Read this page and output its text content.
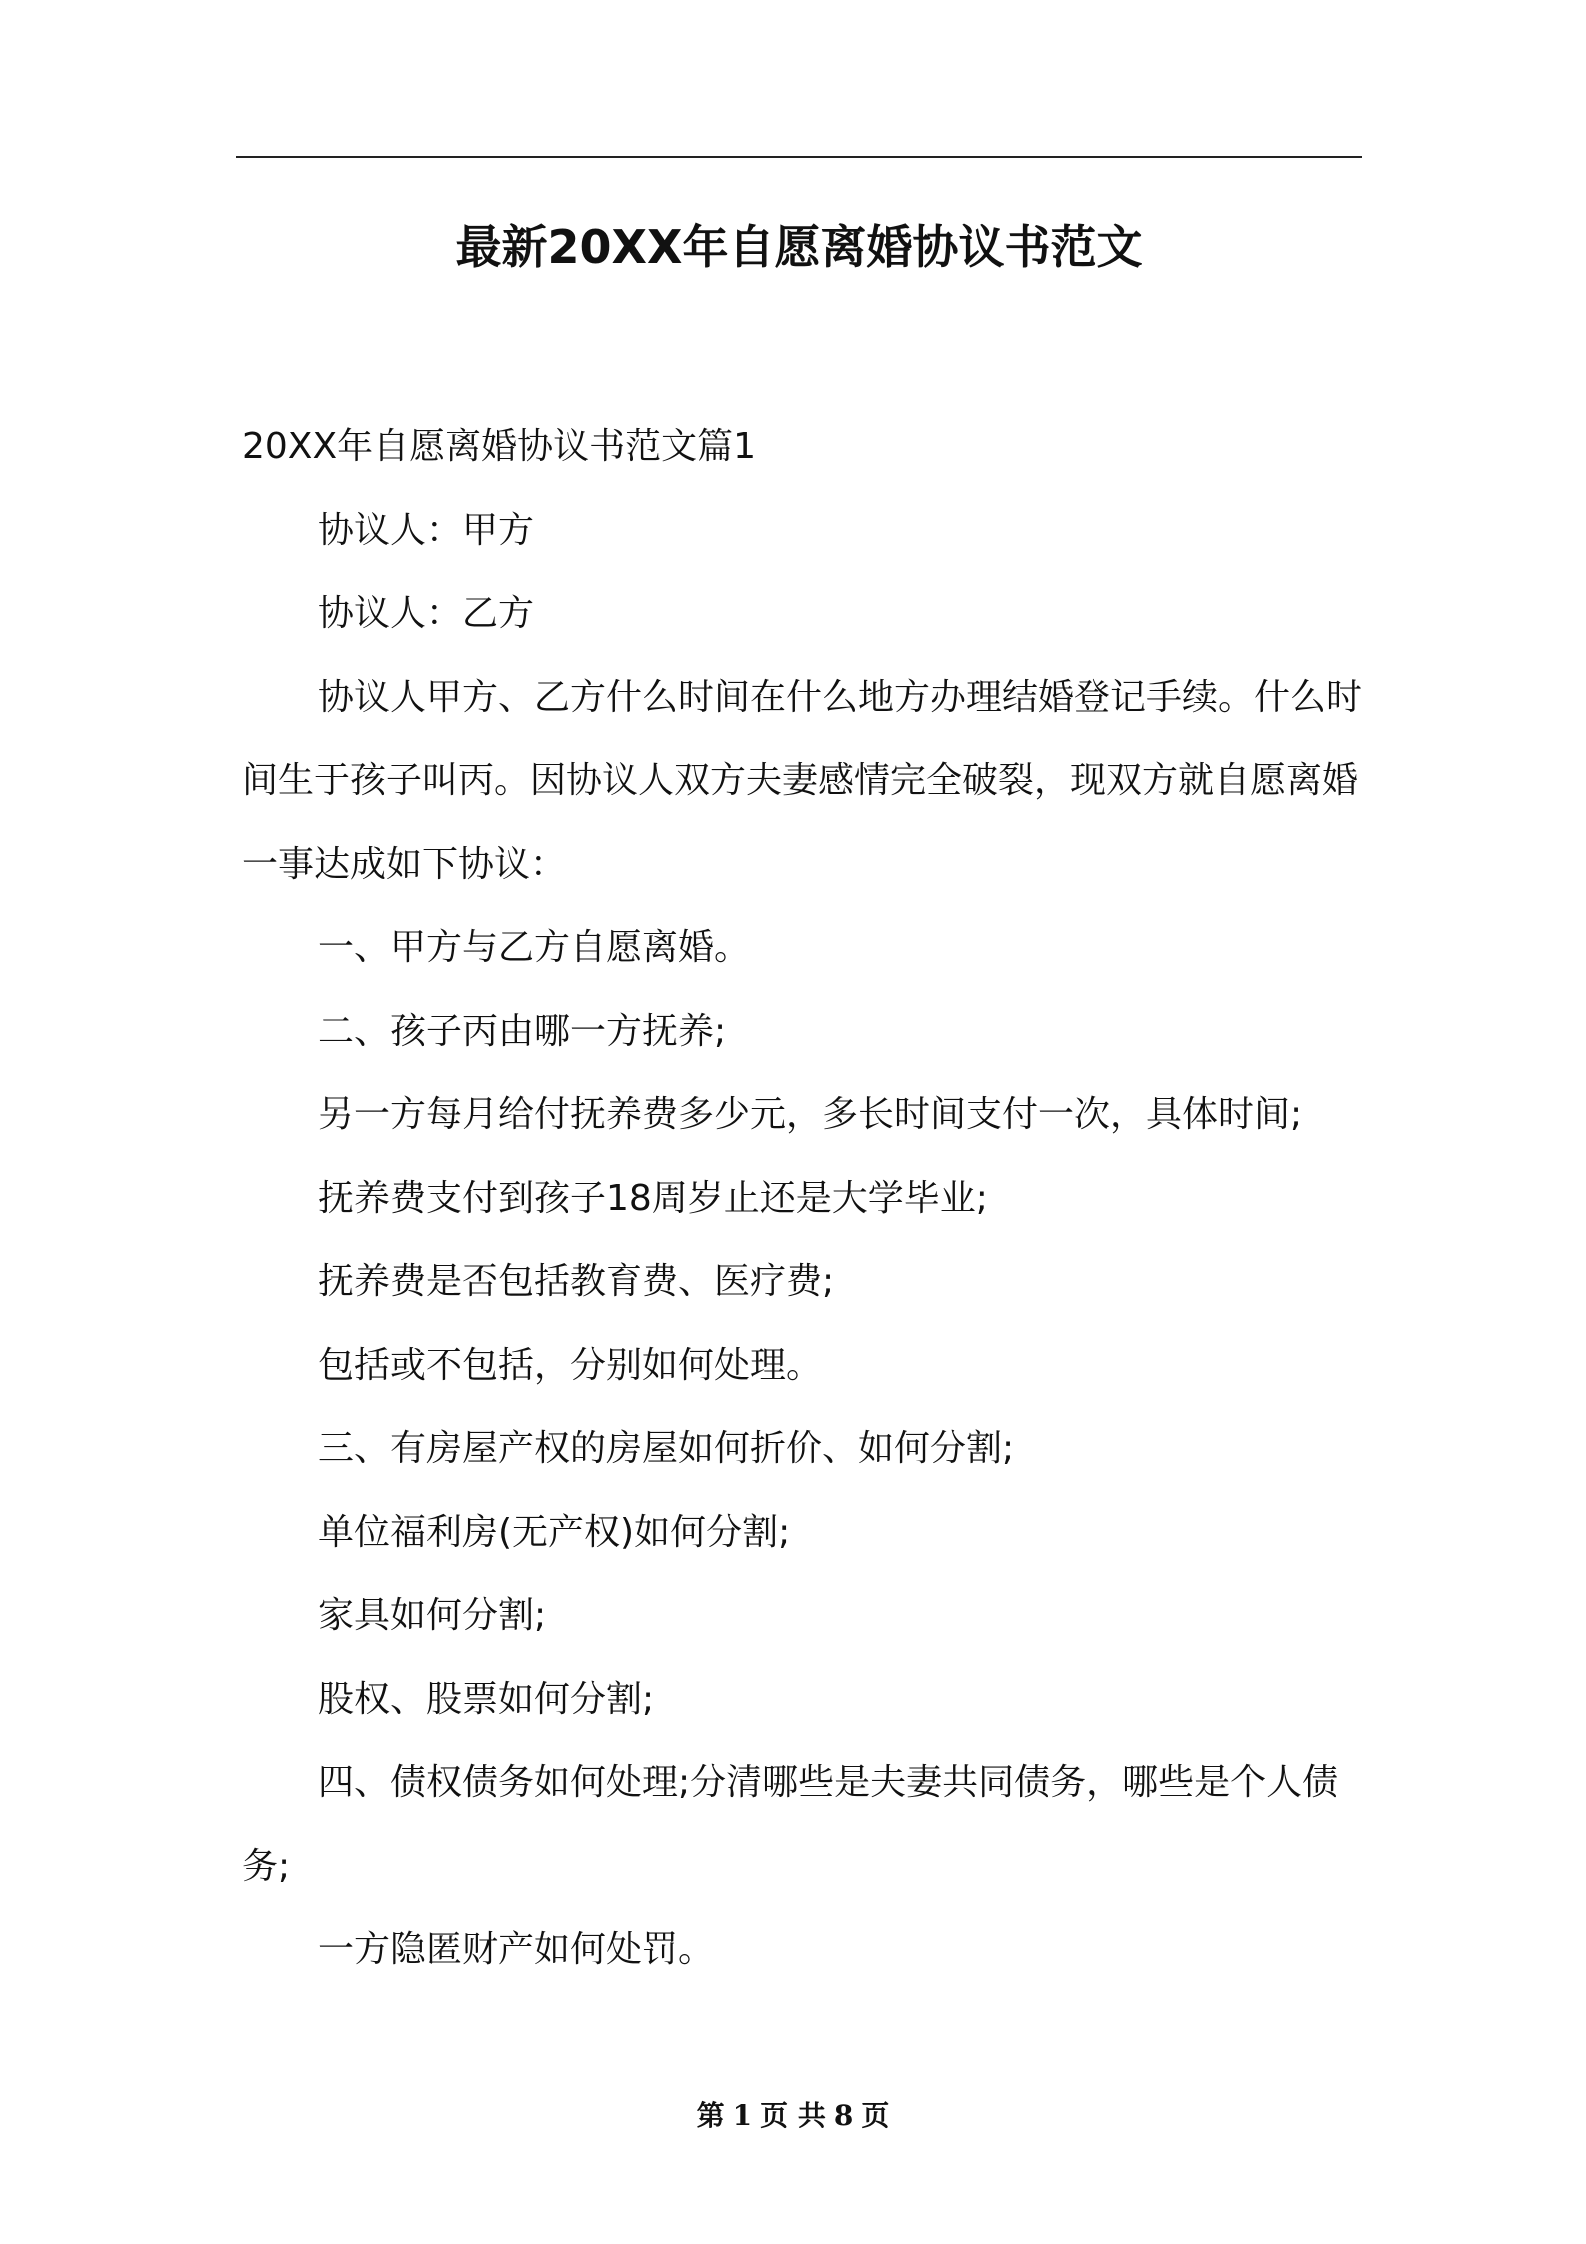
最新20XX年自愿离婚协议书范文

20XX年自愿离婚协议书范文篇1

协议人：甲方

协议人：乙方

协议人甲方、乙方什么时间在什么地方办理结婚登记手续。什么时间生于孩子叫丙。因协议人双方夫妻感情完全破裂，现双方就自愿离婚一事达成如下协议：

一、甲方与乙方自愿离婚。

二、孩子丙由哪一方抚养;

另一方每月给付抚养费多少元，多长时间支付一次，具体时间;

抚养费支付到孩子18周岁止还是大学毕业;

抚养费是否包括教育费、医疗费;

包括或不包括，分别如何处理。

三、有房屋产权的房屋如何折价、如何分割;

单位福利房(无产权)如何分割;

家具如何分割;

股权、股票如何分割;

四、债权债务如何处理;分清哪些是夫妻共同债务，哪些是个人债务;

一方隐匿财产如何处罚。

第 1 页 共 8 页
